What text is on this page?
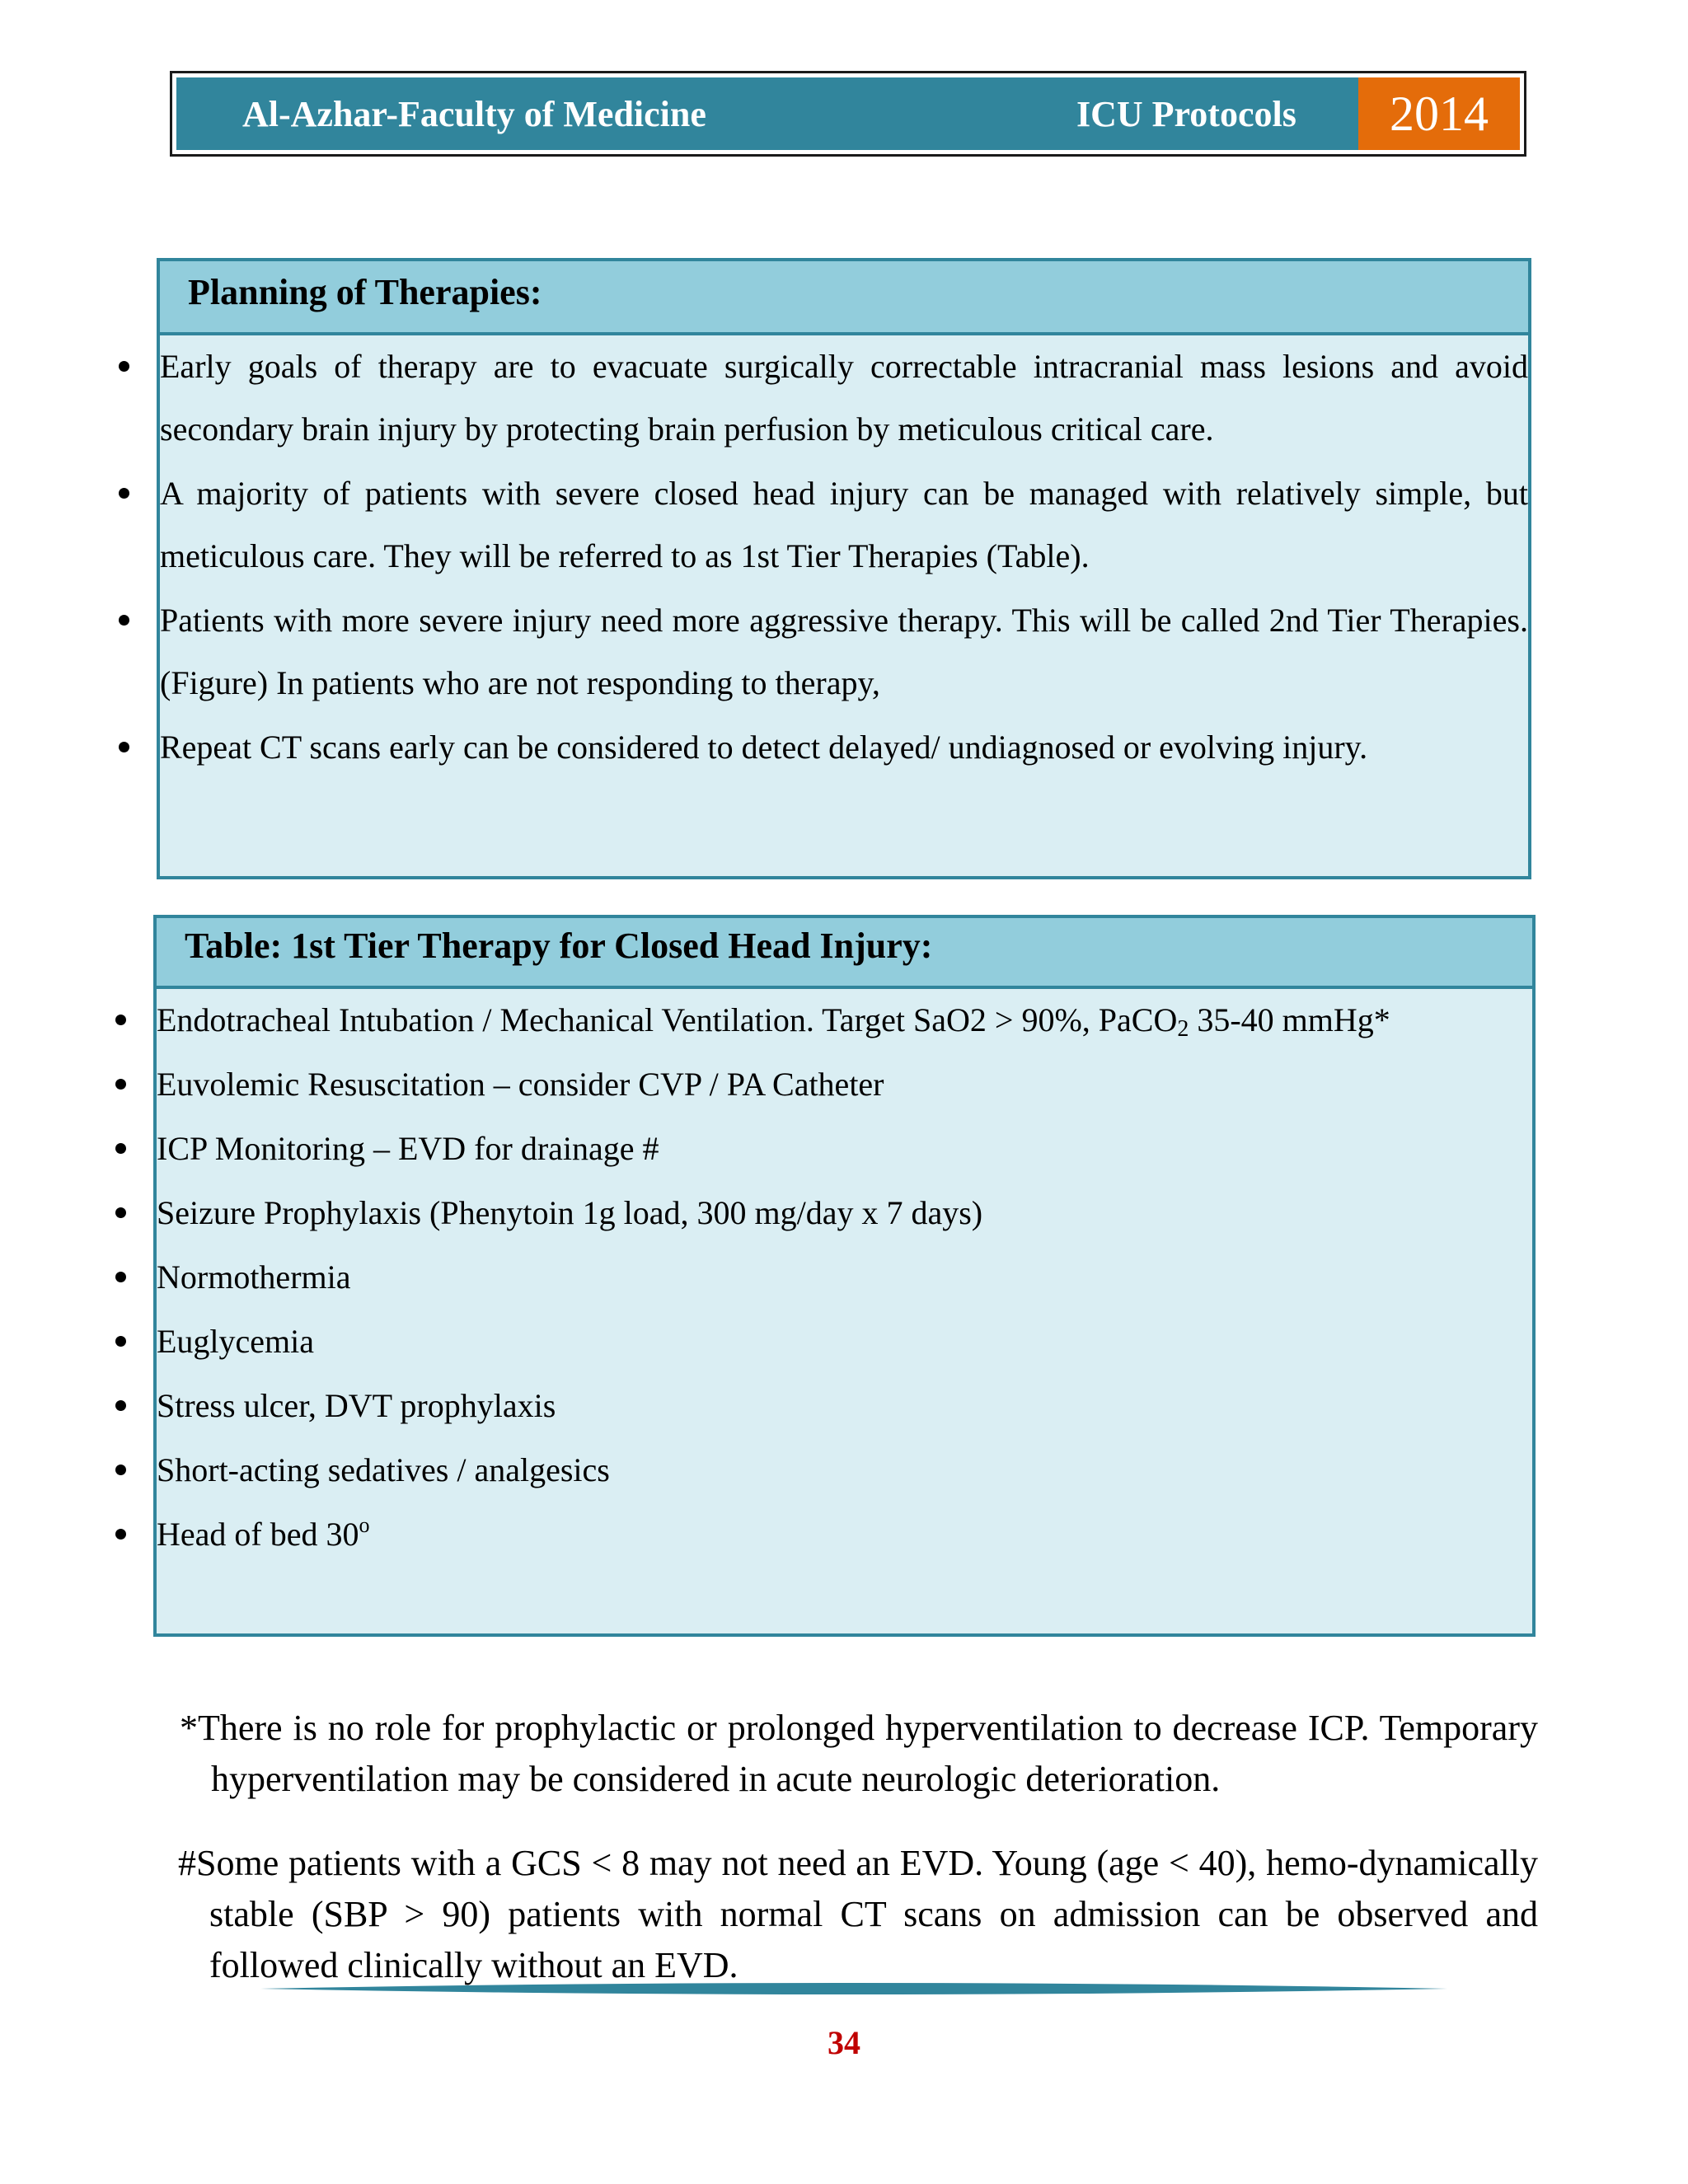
Al-Azhar-Faculty of Medicine	ICU Protocols	2014
Planning of Therapies:
Early goals of therapy are to evacuate surgically correctable intracranial mass lesions and avoid secondary brain injury by protecting brain perfusion by meticulous critical care.
A majority of patients with severe closed head injury can be managed with relatively simple, but meticulous care. They will be referred to as 1st Tier Therapies (Table).
Patients with more severe injury need more aggressive therapy. This will be called 2nd Tier Therapies. (Figure) In patients who are not responding to therapy,
Repeat CT scans early can be considered to detect delayed/ undiagnosed or evolving injury.
Table: 1st Tier Therapy for Closed Head Injury:
Endotracheal Intubation / Mechanical Ventilation. Target SaO2 > 90%, PaCO$_2$ 35-40 mmHg*
Euvolemic Resuscitation – consider CVP / PA Catheter
ICP Monitoring – EVD for drainage #
Seizure Prophylaxis (Phenytoin 1g load, 300 mg/day x 7 days)
Normothermia
Euglycemia
Stress ulcer, DVT prophylaxis
Short-acting sedatives / analgesics
Head of bed 30$^o$

*There is no role for prophylactic or prolonged hyperventilation to decrease ICP. Temporary hyperventilation may be considered in acute neurologic deterioration.

#Some patients with a GCS < 8 may not need an EVD. Young (age < 40), hemo-dynamically stable (SBP > 90) patients with normal CT scans on admission can be observed and followed clinically without an EVD.

34
